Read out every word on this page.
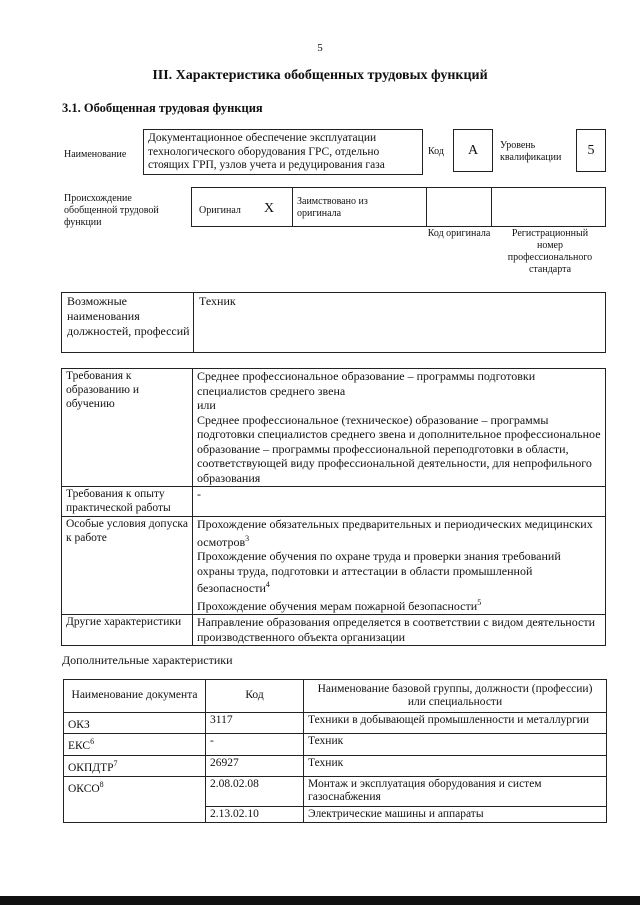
5
III. Характеристика обобщенных трудовых функций
3.1. Обобщенная трудовая функция
Наименование
Документационное обеспечение эксплуатации технологического оборудования ГРС, отдельно стоящих ГРП, узлов учета и редуцирования газа
Код	А	Уровень квалификации	5
Происхождение обобщенной трудовой функции
Оригинал Х Заимствовано из оригинала
Код оригинала	Регистрационный номер профессионального стандарта
Возможные наименования должностей, профессий
Техник
Требования к образованию и обучению	Среднее профессиональное образование – программы подготовки специалистов среднего звена
или
Среднее профессиональное (техническое) образование – программы подготовки специалистов среднего звена и дополнительное профессиональное образование – программы профессиональной переподготовки в области, соответствующей виду профессиональной деятельности, для непрофильного образования

Требования к опыту практической работы	-

Особые условия допуска к работе	Прохождение обязательных предварительных и периодических медицинских осмотров$^3$
Прохождение обучения по охране труда и проверки знания требований охраны труда, подготовки и аттестации в области промышленной безопасности$^4$
Прохождение обучения мерам пожарной безопасности$^5$

Другие характеристики	Направление образования определяется в соответствии с видом деятельности производственного объекта организации
Дополнительные характеристики
Наименование документа	Код	Наименование базовой группы, должности (профессии) или специальности
ОКЗ	3117	Техники в добывающей промышленности и металлургии
ЕКС$^6$	-	Техник
ОКПДТР$^7$	26927	Техник
ОКСО$^8$	2.08.02.08	Монтаж и эксплуатация оборудования и систем газоснабжения
	2.13.02.10	Электрические машины и аппараты
